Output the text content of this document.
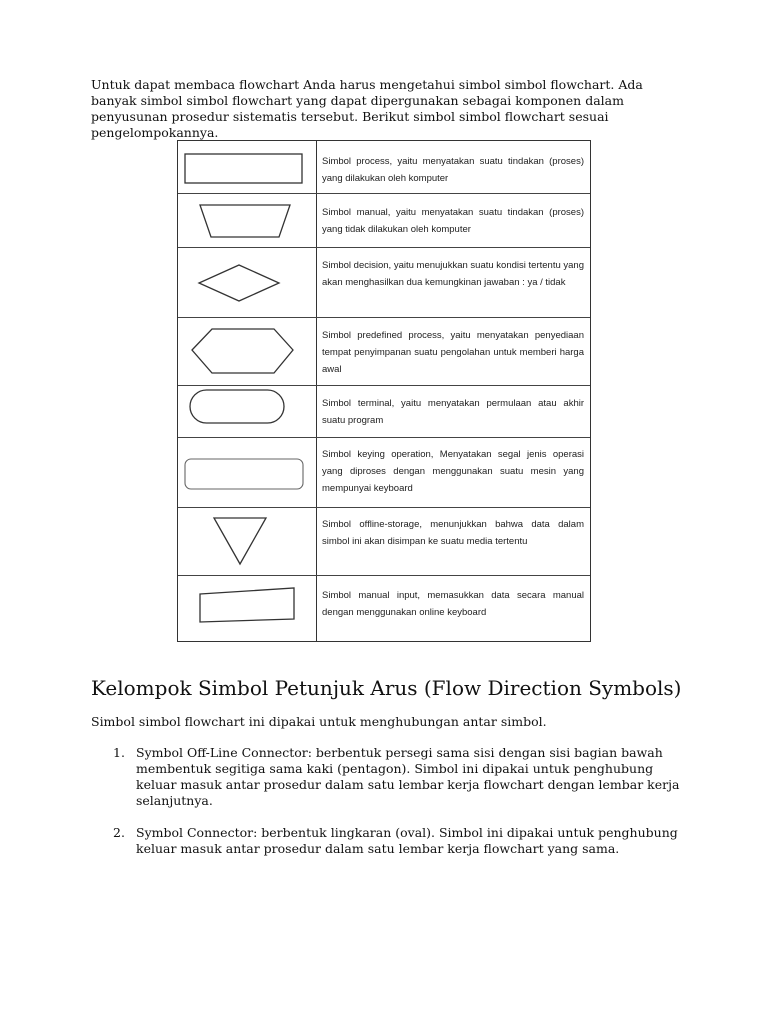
Untuk dapat membaca flowchart Anda harus mengetahui simbol simbol flowchart. Ada banyak simbol simbol flowchart yang dapat dipergunakan sebagai komponen dalam penyusunan prosedur sistematis tersebut. Berikut simbol simbol flowchart sesuai pengelompokannya.

Simbol process, yaitu menyatakan suatu tindakan (proses) yang dilakukan oleh komputer

Simbol manual, yaitu menyatakan suatu tindakan (proses) yang tidak dilakukan oleh komputer

Simbol decision, yaitu menujukkan suatu kondisi tertentu yang akan menghasilkan dua kemungkinan jawaban : ya / tidak

Simbol predefined process, yaitu menyatakan penyediaan tempat penyimpanan suatu pengolahan untuk memberi harga awal

Simbol terminal, yaitu menyatakan permulaan atau akhir suatu program

Simbol keying operation, Menyatakan segal jenis operasi yang diproses dengan menggunakan suatu mesin yang mempunyai keyboard

Simbol offline-storage, menunjukkan bahwa data dalam simbol ini akan disimpan ke suatu media tertentu

Simbol manual input, memasukkan data secara manual dengan menggunakan online keyboard

Kelompok Simbol Petunjuk Arus (Flow Direction Symbols)

Simbol simbol flowchart ini dipakai untuk menghubungan antar simbol.

1. Symbol Off-Line Connector: berbentuk persegi sama sisi dengan sisi bagian bawah membentuk segitiga sama kaki (pentagon). Simbol ini dipakai untuk penghubung keluar masuk antar prosedur dalam satu lembar kerja flowchart dengan lembar kerja selanjutnya.
2. Symbol Connector: berbentuk lingkaran (oval). Simbol ini dipakai untuk penghubung keluar masuk antar prosedur dalam satu lembar kerja flowchart yang sama.
